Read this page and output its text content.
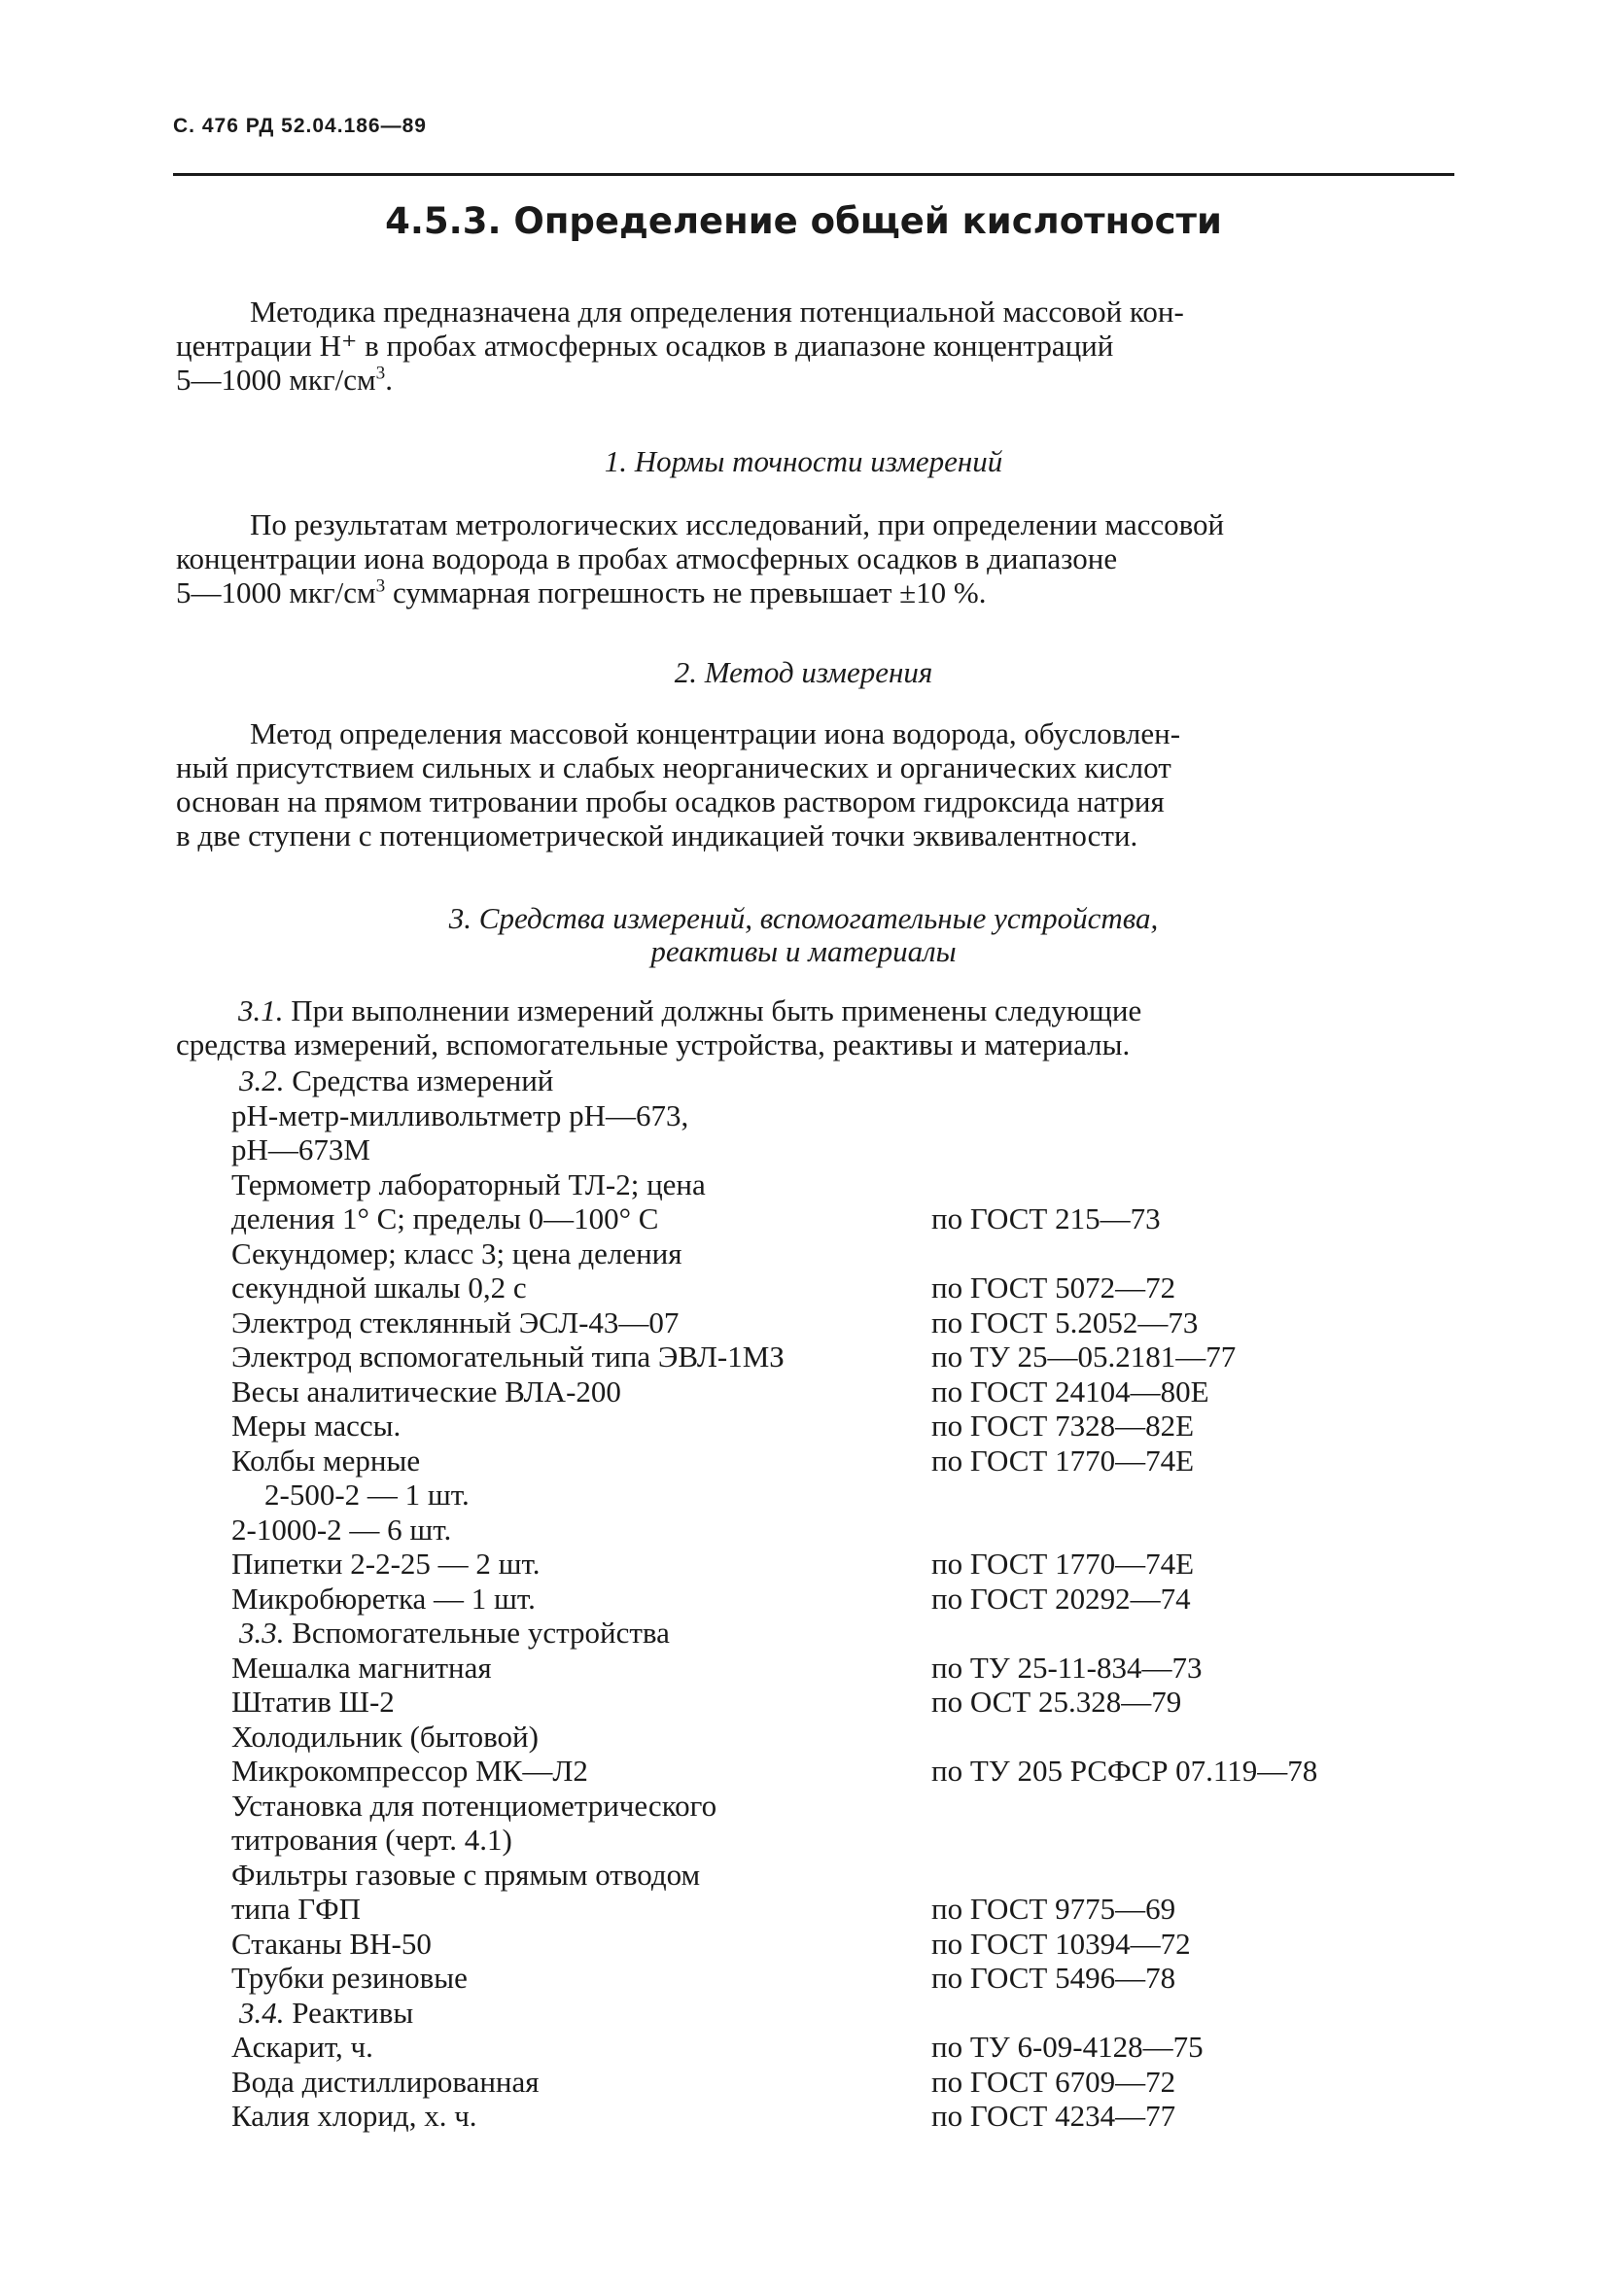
С. 476 РД 52.04.186—89
4.5.3. Определение общей кислотности
Методика предназначена для определения потенциальной массовой кон-
центрации H⁺ в пробах атмосферных осадков в диапазоне концентраций
5—1000 мкг/$см^3$.
1. Нормы точности измерений
По результатам метрологических исследований, при определении массовой
концентрации иона водорода в пробах атмосферных осадков в диапазоне
5—1000 мкг/$см^3$ суммарная погрешность не превышает ±10 %.
2. Метод измерения
Метод определения массовой концентрации иона водорода, обусловлен-
ный присутствием сильных и слабых неорганических и органических кислот
основан на прямом титровании пробы осадков раствором гидроксида натрия
в две ступени с потенциометрической индикацией точки эквивалентности.
3. Средства измерений, вспомогательные устройства,
реактивы и материалы
3.1. При выполнении измерений должны быть применены следующие
средства измерений, вспомогательные устройства, реактивы и материалы.
3.2. Средства измерений
pH-метр-милливольтметр pH—673,
pH—673М
Термометр лабораторный ТЛ-2; цена
деления 1° С; пределы 0—100° С	по ГОСТ 215—73
Секундомер; класс 3; цена деления
секундной шкалы 0,2 с	по ГОСТ 5072—72
Электрод стеклянный ЭСЛ-43—07	по ГОСТ 5.2052—73
Электрод вспомогательный типа ЭВЛ-1МЗ	по ТУ 25—05.2181—77
Весы аналитические ВЛА-200	по ГОСТ 24104—80Е
Меры массы.	по ГОСТ 7328—82Е
Колбы мерные	по ГОСТ 1770—74Е
2-500-2 — 1 шт.
2-1000-2 — 6 шт.
Пипетки 2-2-25 — 2 шт.	по ГОСТ 1770—74Е
Микробюретка — 1 шт.	по ГОСТ 20292—74
3.3. Вспомогательные устройства
Мешалка магнитная	по ТУ 25-11-834—73
Штатив Ш-2	по ОСТ 25.328—79
Холодильник (бытовой)
Микрокомпрессор МК—Л2	по ТУ 205 РСФСР 07.119—78
Установка для потенциометрического
титрования (черт. 4.1)
Фильтры газовые с прямым отводом
типа ГФП	по ГОСТ 9775—69
Стаканы ВН-50	по ГОСТ 10394—72
Трубки резиновые	по ГОСТ 5496—78
3.4. Реактивы
Аскарит, ч.	по ТУ 6-09-4128—75
Вода дистиллированная	по ГОСТ 6709—72
Калия хлорид, х. ч.	по ГОСТ 4234—77
